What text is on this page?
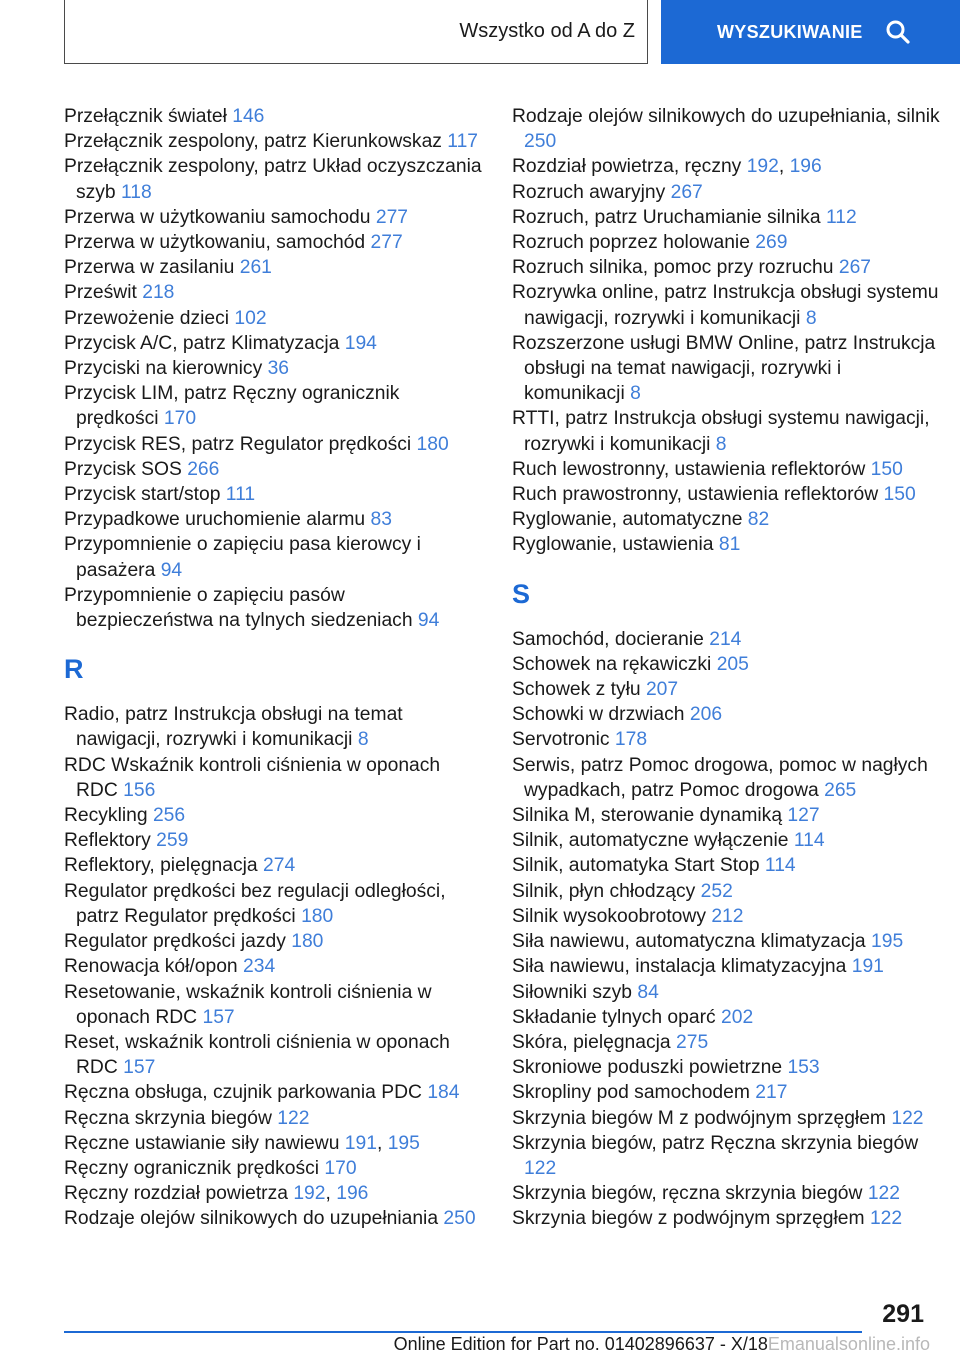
Wszystko od A do Z	WYSZUKIWANIE
Przełącznik świateł 146
Przełącznik zespolony, patrz Kierunkowskaz 117
Przełącznik zespolony, patrz Układ oczyszczania szyb 118
Przerwa w użytkowaniu samochodu 277
Przerwa w użytkowaniu, samochód 277
Przerwa w zasilaniu 261
Prześwit 218
Przewożenie dzieci 102
Przycisk A/C, patrz Klimatyzacja 194
Przyciski na kierownicy 36
Przycisk LIM, patrz Ręczny ogranicznik prędkości 170
Przycisk RES, patrz Regulator prędkości 180
Przycisk SOS 266
Przycisk start/stop 111
Przypadkowe uruchomienie alarmu 83
Przypomnienie o zapięciu pasa kierowcy i pasażera 94
Przypomnienie o zapięciu pasów bezpieczeństwa na tylnych siedzeniach 94
R
Radio, patrz Instrukcja obsługi na temat nawigacji, rozrywki i komunikacji 8
RDC Wskaźnik kontroli ciśnienia w oponach RDC 156
Recykling 256
Reflektory 259
Reflektory, pielęgnacja 274
Regulator prędkości bez regulacji odległości, patrz Regulator prędkości 180
Regulator prędkości jazdy 180
Renowacja kół/opon 234
Resetowanie, wskaźnik kontroli ciśnienia w oponach RDC 157
Reset, wskaźnik kontroli ciśnienia w oponach RDC 157
Ręczna obsługa, czujnik parkowania PDC 184
Ręczna skrzynia biegów 122
Ręczne ustawianie siły nawiewu 191, 195
Ręczny ogranicznik prędkości 170
Ręczny rozdział powietrza 192, 196
Rodzaje olejów silnikowych do uzupełniania 250
Rodzaje olejów silnikowych do uzupełniania, silnik 250
Rozdział powietrza, ręczny 192, 196
Rozruch awaryjny 267
Rozruch, patrz Uruchamianie silnika 112
Rozruch poprzez holowanie 269
Rozruch silnika, pomoc przy rozruchu 267
Rozrywka online, patrz Instrukcja obsługi systemu nawigacji, rozrywki i komunikacji 8
Rozszerzone usługi BMW Online, patrz Instrukcja obsługi na temat nawigacji, rozrywki i komunikacji 8
RTTI, patrz Instrukcja obsługi systemu nawigacji, rozrywki i komunikacji 8
Ruch lewostronny, ustawienia reflektorów 150
Ruch prawostronny, ustawienia reflektorów 150
Ryglowanie, automatyczne 82
Ryglowanie, ustawienia 81
S
Samochód, docieranie 214
Schowek na rękawiczki 205
Schowek z tyłu 207
Schowki w drzwiach 206
Servotronic 178
Serwis, patrz Pomoc drogowa, pomoc w nagłych wypadkach, patrz Pomoc drogowa 265
Silnika M, sterowanie dynamiką 127
Silnik, automatyczne wyłączenie 114
Silnik, automatyka Start Stop 114
Silnik, płyn chłodzący 252
Silnik wysokoobrotowy 212
Siła nawiewu, automatyczna klimatyzacja 195
Siła nawiewu, instalacja klimatyzacyjna 191
Siłowniki szyb 84
Składanie tylnych oparć 202
Skóra, pielęgnacja 275
Skroniowe poduszki powietrzne 153
Skropliny pod samochodem 217
Skrzynia biegów M z podwójnym sprzęgłem 122
Skrzynia biegów, patrz Ręczna skrzynia biegów 122
Skrzynia biegów, ręczna skrzynia biegów 122
Skrzynia biegów z podwójnym sprzęgłem 122
291
Online Edition for Part no. 01402896637 - X/18Emanualsonline.info
